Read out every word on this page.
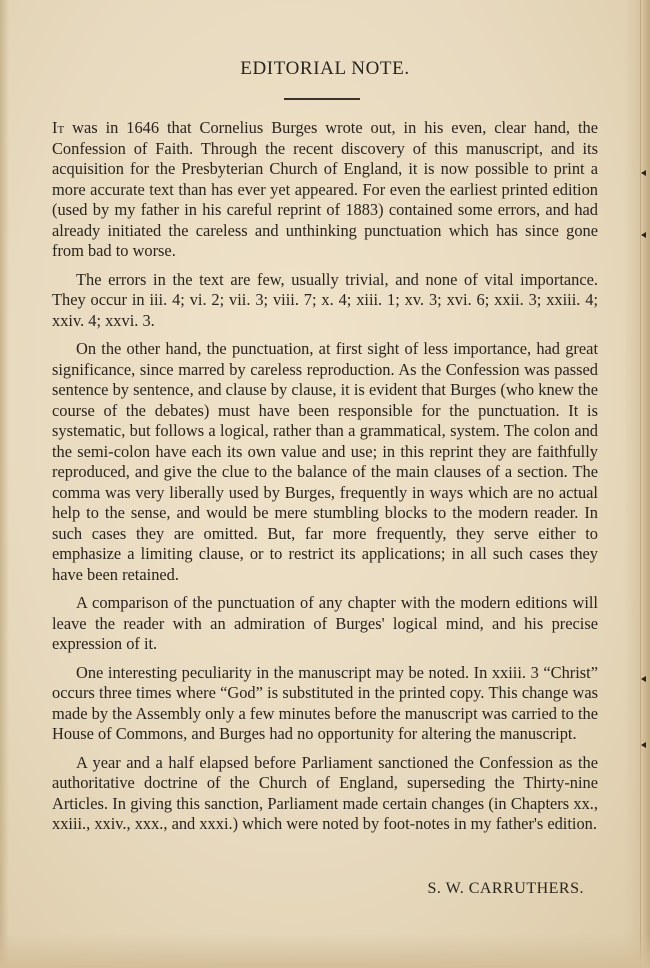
EDITORIAL NOTE.

It was in 1646 that Cornelius Burges wrote out, in his even, clear hand, the Confession of Faith. Through the recent discovery of this manuscript, and its acquisition for the Presbyterian Church of England, it is now possible to print a more accurate text than has ever yet appeared. For even the earliest printed edition (used by my father in his careful reprint of 1883) contained some errors, and had already initiated the careless and unthinking punctuation which has since gone from bad to worse.

The errors in the text are few, usually trivial, and none of vital importance. They occur in iii. 4; vi. 2; vii. 3; viii. 7; x. 4; xiii. 1; xv. 3; xvi. 6; xxii. 3; xxiii. 4; xxiv. 4; xxvi. 3.

On the other hand, the punctuation, at first sight of less importance, had great significance, since marred by careless reproduction. As the Confession was passed sentence by sentence, and clause by clause, it is evident that Burges (who knew the course of the debates) must have been responsible for the punctuation. It is systematic, but follows a logical, rather than a grammatical, system. The colon and the semi-colon have each its own value and use; in this reprint they are faithfully reproduced, and give the clue to the balance of the main clauses of a section. The comma was very liberally used by Burges, frequently in ways which are no actual help to the sense, and would be mere stumbling blocks to the modern reader. In such cases they are omitted. But, far more frequently, they serve either to emphasize a limiting clause, or to restrict its applications; in all such cases they have been retained.

A comparison of the punctuation of any chapter with the modern editions will leave the reader with an admiration of Burges' logical mind, and his precise expression of it.

One interesting peculiarity in the manuscript may be noted. In xxiii. 3 “Christ” occurs three times where “God” is substituted in the printed copy. This change was made by the Assembly only a few minutes before the manuscript was carried to the House of Commons, and Burges had no opportunity for altering the manuscript.

A year and a half elapsed before Parliament sanctioned the Confession as the authoritative doctrine of the Church of England, superseding the Thirty-nine Articles. In giving this sanction, Parliament made certain changes (in Chapters xx., xxiii., xxiv., xxx., and xxxi.) which were noted by foot-notes in my father's edition.

S. W. CARRUTHERS.
